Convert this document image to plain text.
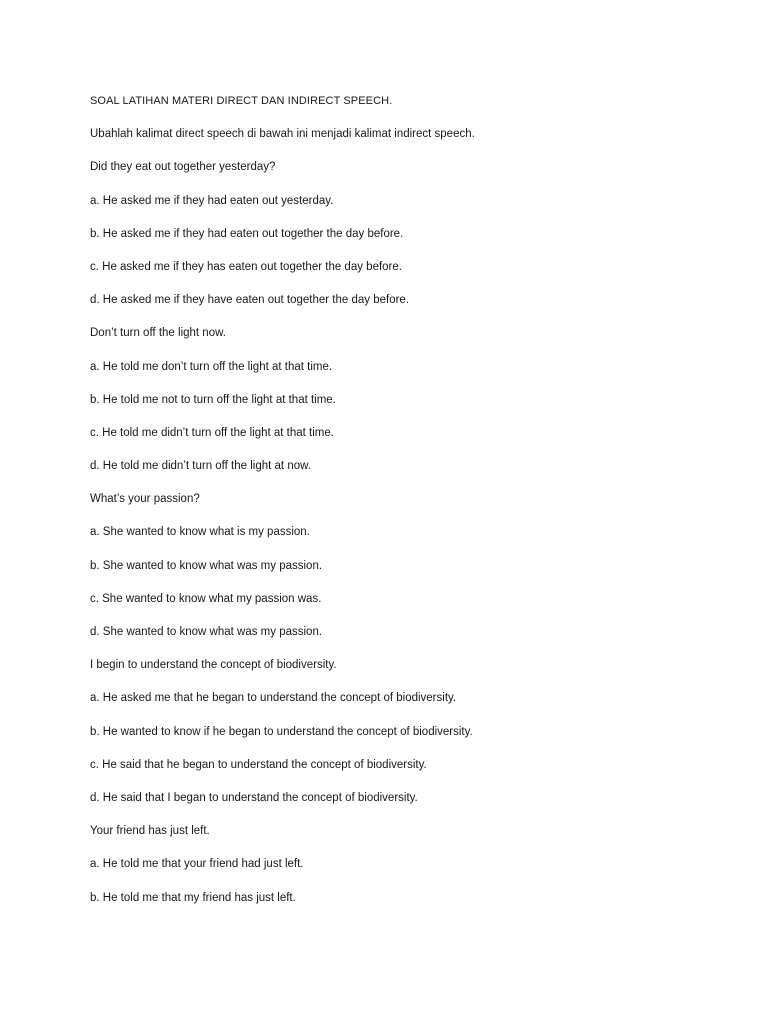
SOAL LATIHAN MATERI DIRECT DAN INDIRECT SPEECH.
Ubahlah kalimat direct speech di bawah ini menjadi kalimat indirect speech.
Did they eat out together yesterday?
a. He asked me if they had eaten out yesterday.
b. He asked me if they had eaten out together the day before.
c. He asked me if they has eaten out together the day before.
d. He asked me if they have eaten out together the day before.
Don’t turn off the light now.
a. He told me don’t turn off the light at that time.
b. He told me not to turn off the light at that time.
c. He told me didn’t turn off the light at that time.
d. He told me didn’t turn off the light at now.
What’s your passion?
a. She wanted to know what is my passion.
b. She wanted to know what was my passion.
c. She wanted to know what my passion was.
d. She wanted to know what was my passion.
I begin to understand the concept of biodiversity.
a. He asked me that he began to understand the concept of biodiversity.
b. He wanted to know if he began to understand the concept of biodiversity.
c. He said that he began to understand the concept of biodiversity.
d. He said that I began to understand the concept of biodiversity.
Your friend has just left.
a. He told me that your friend had just left.
b. He told me that my friend has just left.
